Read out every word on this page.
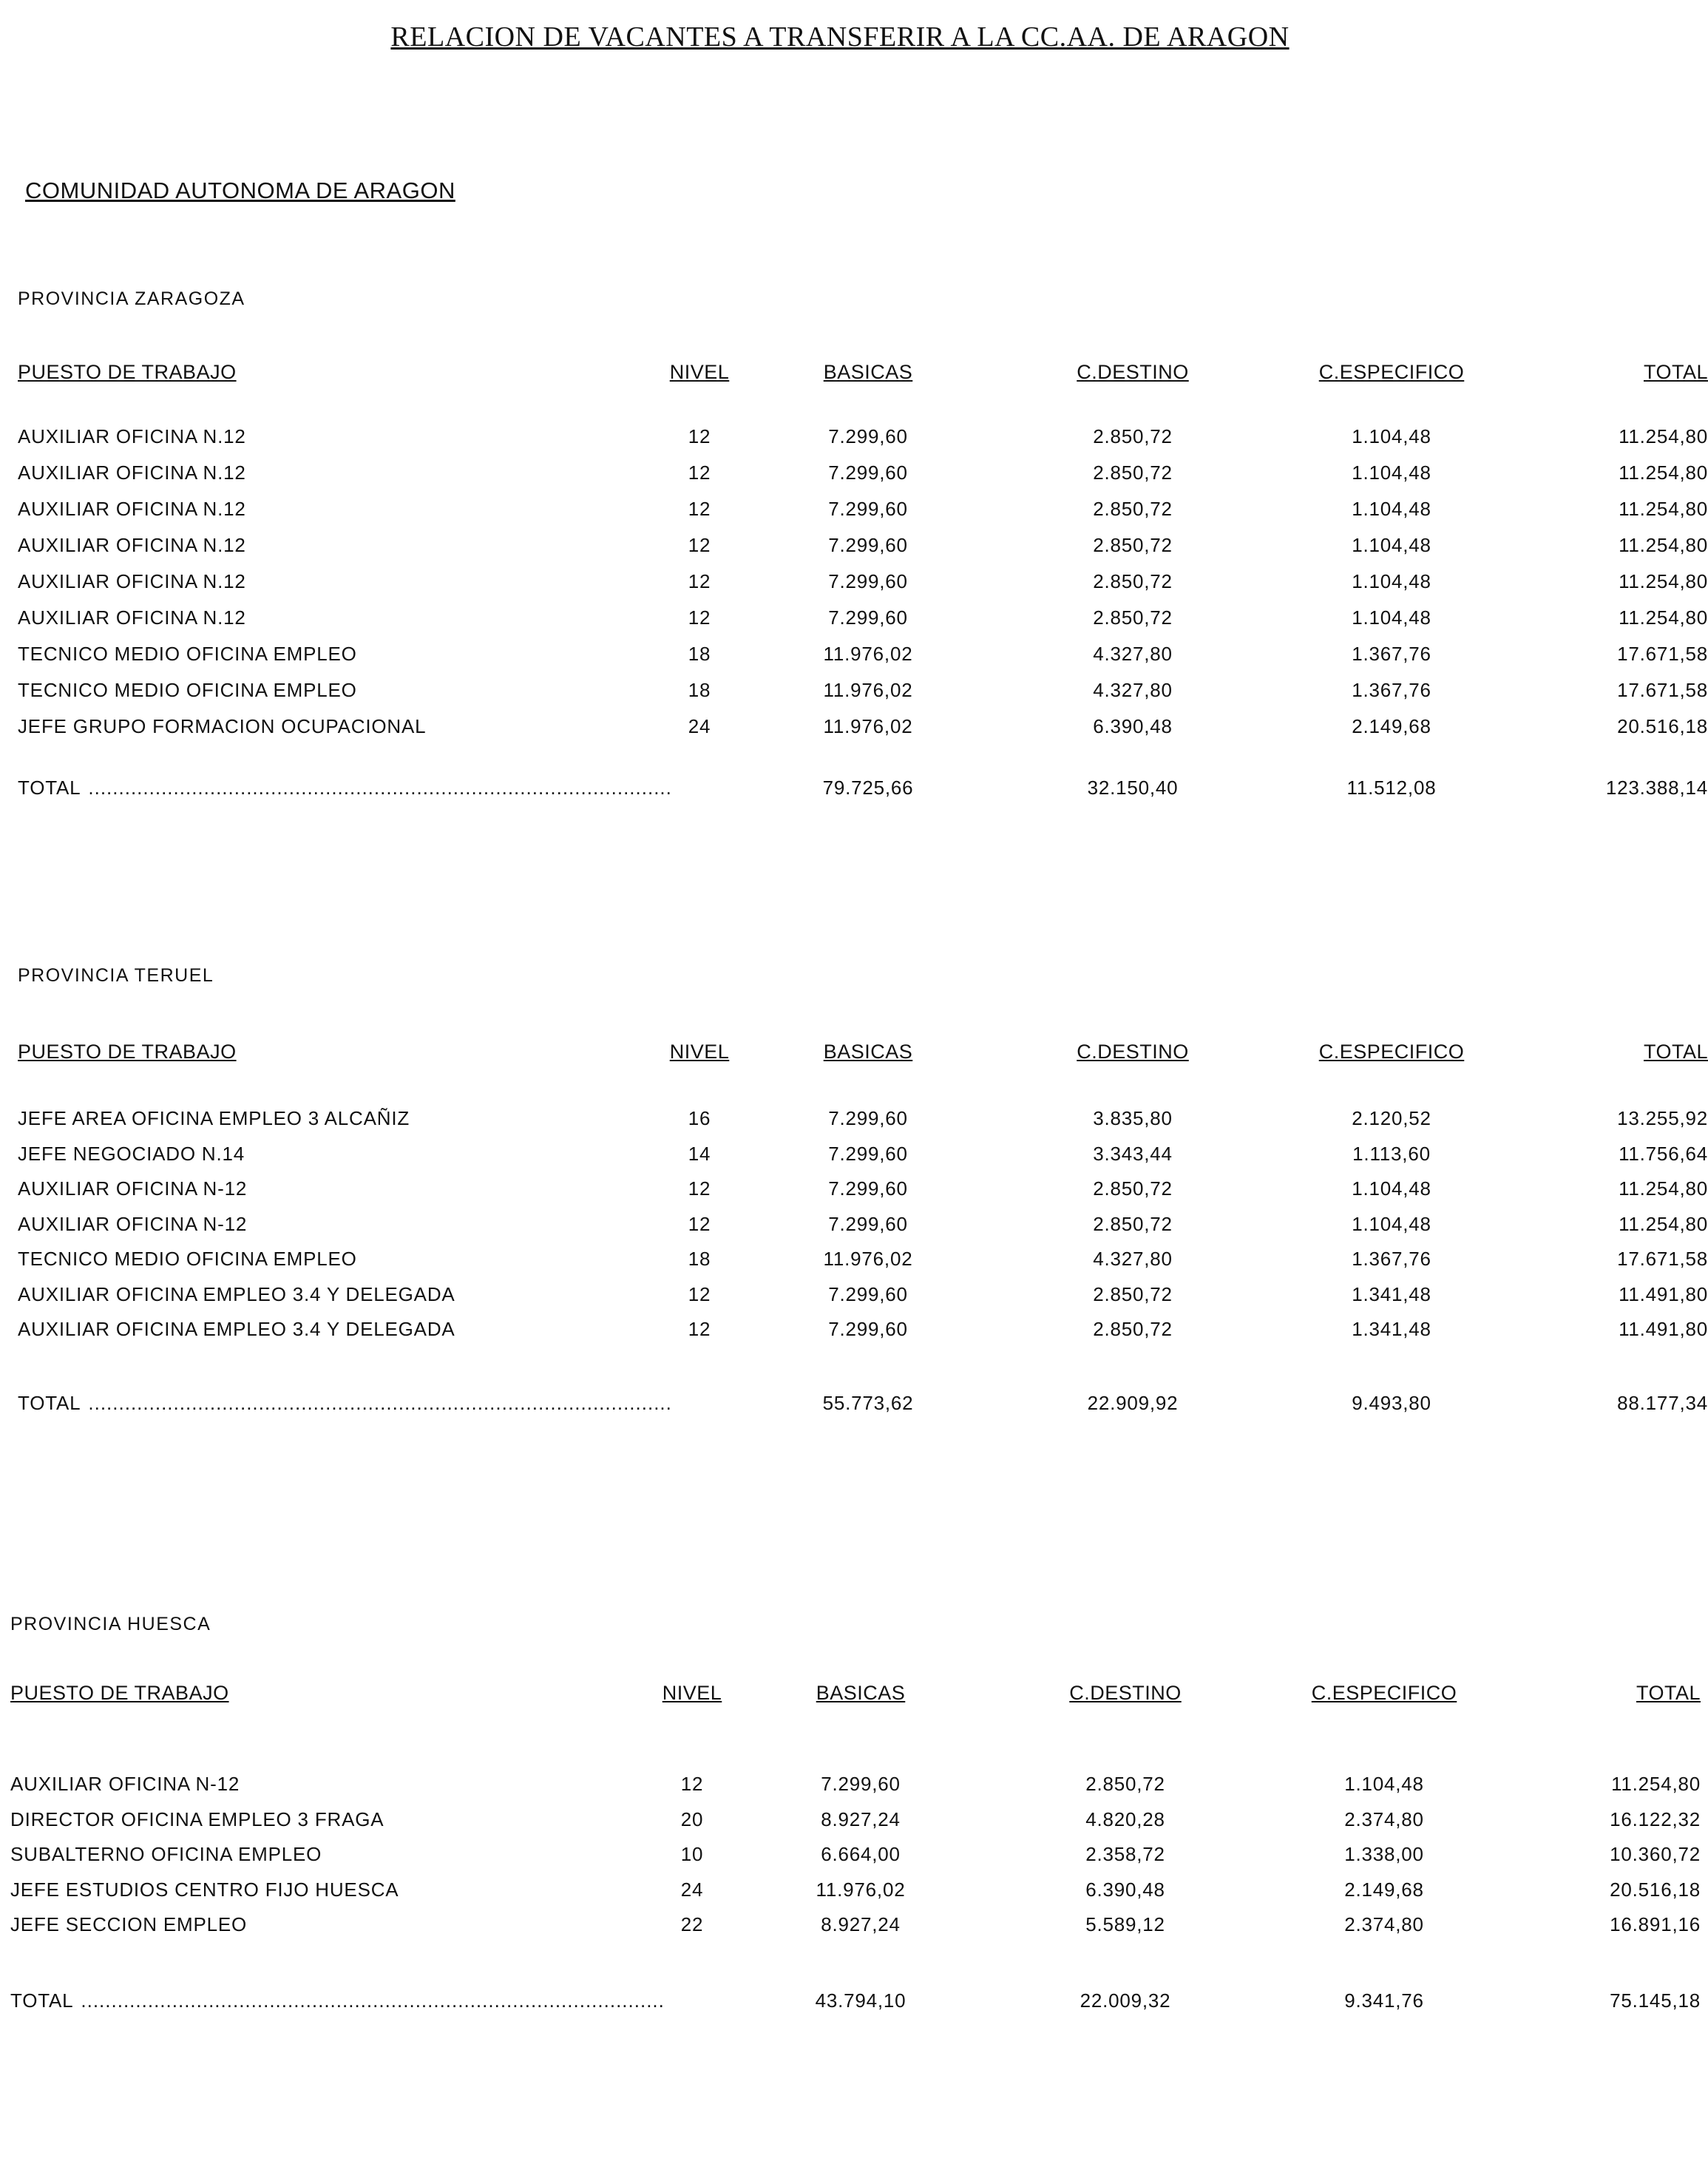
RELACION DE VACANTES A TRANSFERIR A LA CC.AA. DE ARAGON
COMUNIDAD AUTONOMA DE ARAGON
PROVINCIA ZARAGOZA
PUESTO DE TRABAJO	NIVEL	BASICAS	C.DESTINO	C.ESPECIFICO	TOTAL
AUXILIAR OFICINA N.12	12	7.299,60	2.850,72	1.104,48	11.254,80
AUXILIAR OFICINA N.12	12	7.299,60	2.850,72	1.104,48	11.254,80
AUXILIAR OFICINA N.12	12	7.299,60	2.850,72	1.104,48	11.254,80
AUXILIAR OFICINA N.12	12	7.299,60	2.850,72	1.104,48	11.254,80
AUXILIAR OFICINA N.12	12	7.299,60	2.850,72	1.104,48	11.254,80
AUXILIAR OFICINA N.12	12	7.299,60	2.850,72	1.104,48	11.254,80
TECNICO MEDIO OFICINA EMPLEO	18	11.976,02	4.327,80	1.367,76	17.671,58
TECNICO MEDIO OFICINA EMPLEO	18	11.976,02	4.327,80	1.367,76	17.671,58
JEFE GRUPO FORMACION OCUPACIONAL	24	11.976,02	6.390,48	2.149,68	20.516,18
TOTAL ................................................................................................	79.725,66	32.150,40	11.512,08	123.388,14
PROVINCIA TERUEL
PUESTO DE TRABAJO	NIVEL	BASICAS	C.DESTINO	C.ESPECIFICO	TOTAL
JEFE AREA OFICINA EMPLEO 3 ALCAÑIZ	16	7.299,60	3.835,80	2.120,52	13.255,92
JEFE NEGOCIADO N.14	14	7.299,60	3.343,44	1.113,60	11.756,64
AUXILIAR OFICINA N-12	12	7.299,60	2.850,72	1.104,48	11.254,80
AUXILIAR OFICINA N-12	12	7.299,60	2.850,72	1.104,48	11.254,80
TECNICO MEDIO OFICINA EMPLEO	18	11.976,02	4.327,80	1.367,76	17.671,58
AUXILIAR OFICINA EMPLEO 3.4 Y DELEGADA	12	7.299,60	2.850,72	1.341,48	11.491,80
AUXILIAR OFICINA EMPLEO 3.4 Y DELEGADA	12	7.299,60	2.850,72	1.341,48	11.491,80
TOTAL ................................................................................................	55.773,62	22.909,92	9.493,80	88.177,34
PROVINCIA HUESCA
PUESTO DE TRABAJO	NIVEL	BASICAS	C.DESTINO	C.ESPECIFICO	TOTAL
AUXILIAR OFICINA N-12	12	7.299,60	2.850,72	1.104,48	11.254,80
DIRECTOR OFICINA EMPLEO 3 FRAGA	20	8.927,24	4.820,28	2.374,80	16.122,32
SUBALTERNO OFICINA EMPLEO	10	6.664,00	2.358,72	1.338,00	10.360,72
JEFE ESTUDIOS CENTRO FIJO HUESCA	24	11.976,02	6.390,48	2.149,68	20.516,18
JEFE SECCION EMPLEO	22	8.927,24	5.589,12	2.374,80	16.891,16
TOTAL ................................................................................................	43.794,10	22.009,32	9.341,76	75.145,18
